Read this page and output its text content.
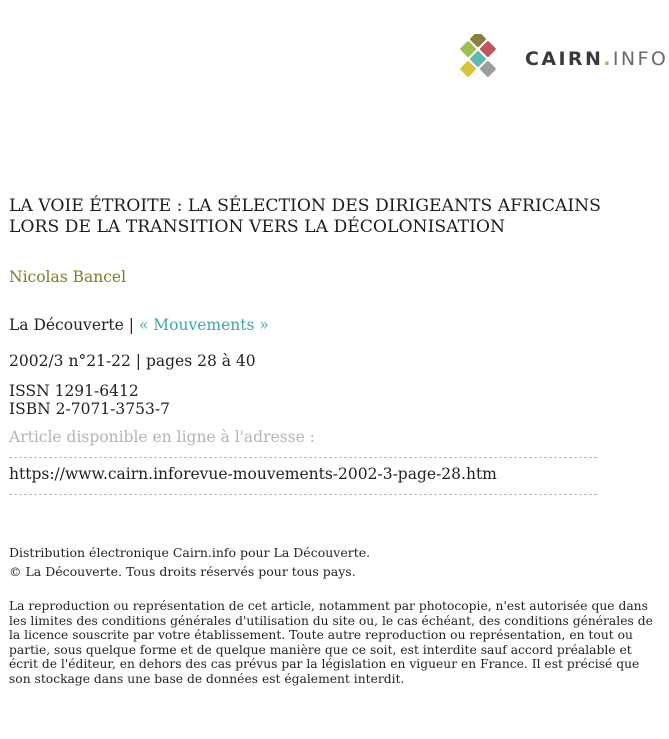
CAIRN.INFO
LA VOIE ÉTROITE : LA SÉLECTION DES DIRIGEANTS AFRICAINS LORS DE LA TRANSITION VERS LA DÉCOLONISATION
Nicolas Bancel
La Découverte | « Mouvements »
2002/3 n°21-22 | pages 28 à 40
ISSN 1291-6412
ISBN 2-7071-3753-7
Article disponible en ligne à l'adresse :
https://www.cairn.inforevue-mouvements-2002-3-page-28.htm
Distribution électronique Cairn.info pour La Découverte.
© La Découverte. Tous droits réservés pour tous pays.

La reproduction ou représentation de cet article, notamment par photocopie, n'est autorisée que dans les limites des conditions générales d'utilisation du site ou, le cas échéant, des conditions générales de la licence souscrite par votre établissement. Toute autre reproduction ou représentation, en tout ou partie, sous quelque forme et de quelque manière que ce soit, est interdite sauf accord préalable et écrit de l'éditeur, en dehors des cas prévus par la législation en vigueur en France. Il est précisé que son stockage dans une base de données est également interdit.
